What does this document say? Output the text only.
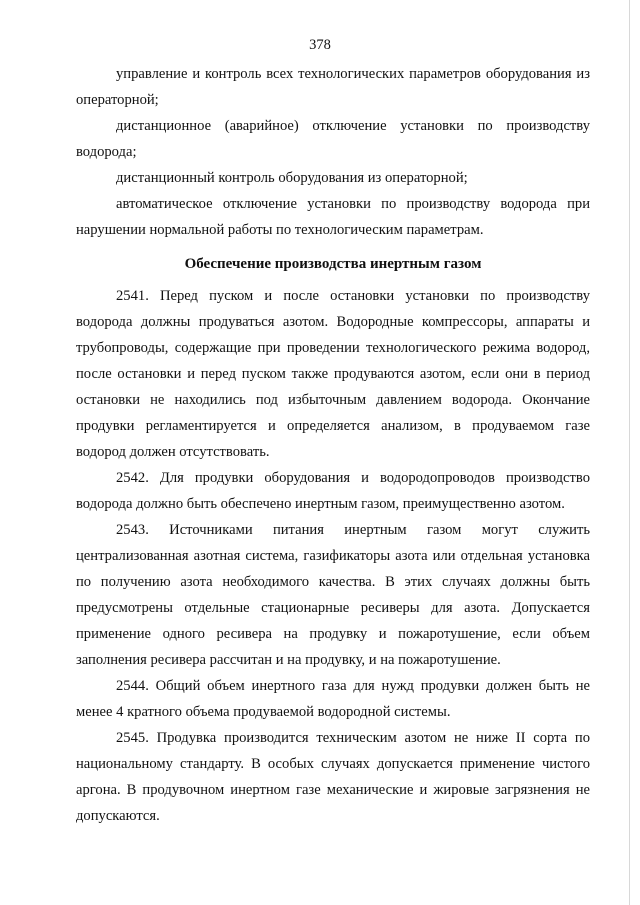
378

управление и контроль всех технологических параметров оборудования из операторной;

дистанционное (аварийное) отключение установки по производству водорода;

дистанционный контроль оборудования из операторной;

автоматическое отключение установки по производству водорода при нарушении нормальной работы по технологическим параметрам.

Обеспечение производства инертным газом

2541. Перед пуском и после остановки установки по производству водорода должны продуваться азотом. Водородные компрессоры, аппараты и трубопроводы, содержащие при проведении технологического режима водород, после остановки и перед пуском также продуваются азотом, если они в период остановки не находились под избыточным давлением водорода. Окончание продувки регламентируется и определяется анализом, в продуваемом газе водород должен отсутствовать.

2542. Для продувки оборудования и водородопроводов производство водорода должно быть обеспечено инертным газом, преимущественно азотом.

2543. Источниками питания инертным газом могут служить централизованная азотная система, газификаторы азота или отдельная установка по получению азота необходимого качества. В этих случаях должны быть предусмотрены отдельные стационарные ресиверы для азота. Допускается применение одного ресивера на продувку и пожаротушение, если объем заполнения ресивера рассчитан и на продувку, и на пожаротушение.

2544. Общий объем инертного газа для нужд продувки должен быть не менее 4 кратного объема продуваемой водородной системы.

2545. Продувка производится техническим азотом не ниже II сорта по национальному стандарту. В особых случаях допускается применение чистого аргона. В продувочном инертном газе механические и жировые загрязнения не допускаются.
